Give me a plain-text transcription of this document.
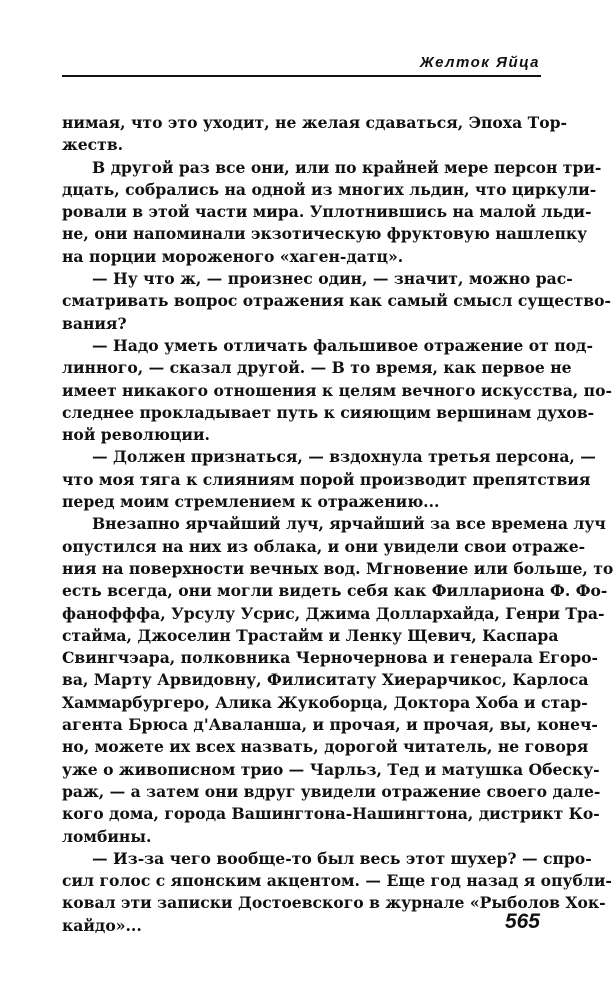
Желток Яйца
нимая, что это уходит, не желая сдаваться, Эпоха Тор-
жеств.
В другой раз все они, или по крайней мере персон три-
дцать, собрались на одной из многих льдин, что циркули-
ровали в этой части мира. Уплотнившись на малой льди-
не, они напоминали экзотическую фруктовую нашлепку
на порции мороженого «хаген-датц».
— Ну что ж, — произнес один, — значит, можно рас-
сматривать вопрос отражения как самый смысл существо-
вания?
— Надо уметь отличать фальшивое отражение от под-
линного, — сказал другой. — В то время, как первое не
имеет никакого отношения к целям вечного искусства, по-
следнее прокладывает путь к сияющим вершинам духов-
ной революции.
— Должен признаться, — вздохнула третья персона, —
что моя тяга к слияниям порой производит препятствия
перед моим стремлением к отражению...
Внезапно ярчайший луч, ярчайший за все времена луч
опустился на них из облака, и они увидели свои отраже-
ния на поверхности вечных вод. Мгновение или больше, то
есть всегда, они могли видеть себя как Филлариона Ф. Фо-
фанофффа, Урсулу Усрис, Джима Доллархайда, Генри Тра-
стайма, Джоселин Трастайм и Ленку Щевич, Каспара
Свингчэара, полковника Черночернова и генерала Егоро-
ва, Марту Арвидовну, Филиситату Хиерарчикос, Карлоса
Хаммарбургеро, Алика Жукоборца, Доктора Хоба и стар-
агента Брюса д'Аваланша, и прочая, и прочая, вы, конеч-
но, можете их всех назвать, дорогой читатель, не говоря
уже о живописном трио — Чарльз, Тед и матушка Обеску-
раж, — а затем они вдруг увидели отражение своего дале-
кого дома, города Вашингтона-Нашингтона, дистрикт Ко-
ломбины.
— Из-за чего вообще-то был весь этот шухер? — спро-
сил голос с японским акцентом. — Еще год назад я опубли-
ковал эти записки Достоевского в журнале «Рыболов Хок-
кайдо»...	565
